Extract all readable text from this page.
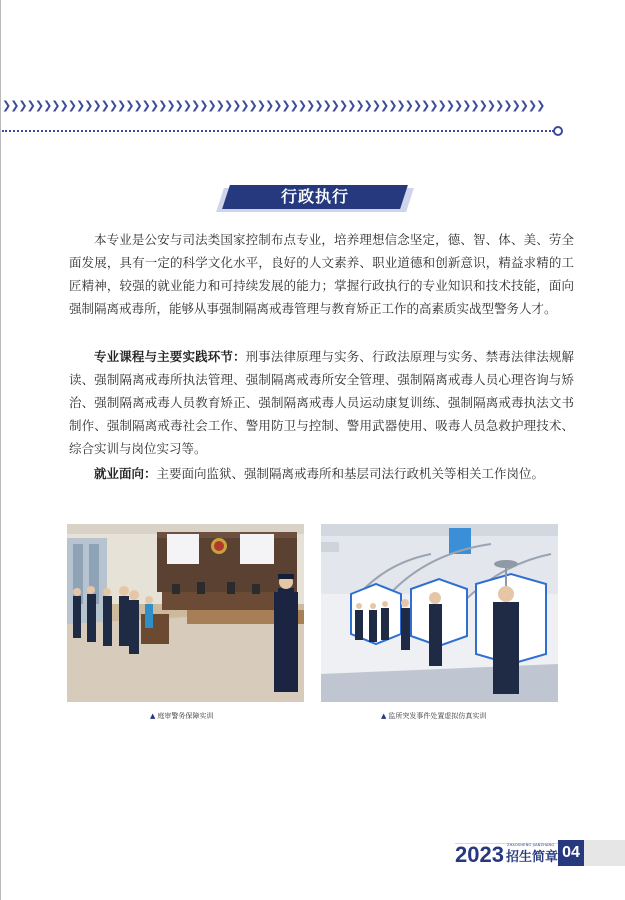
❯❯❯❯❯❯❯❯❯❯❯❯❯❯❯❯❯❯❯❯❯❯❯❯❯❯❯❯❯❯❯❯❯❯❯❯❯❯❯❯❯❯❯❯❯❯❯❯❯❯❯❯❯❯❯❯❯❯❯❯❯❯❯❯❯❯
行政执行
本专业是公安与司法类国家控制布点专业，培养理想信念坚定，德、智、体、美、劳全面发展，具有一定的科学文化水平，良好的人文素养、职业道德和创新意识，精益求精的工匠精神，较强的就业能力和可持续发展的能力；掌握行政执行的专业知识和技术技能，面向强制隔离戒毒所，能够从事强制隔离戒毒管理与教育矫正工作的高素质实战型警务人才。
专业课程与主要实践环节：刑事法律原理与实务、行政法原理与实务、禁毒法律法规解读、强制隔离戒毒所执法管理、强制隔离戒毒所安全管理、强制隔离戒毒人员心理咨询与矫治、强制隔离戒毒人员教育矫正、强制隔离戒毒人员运动康复训练、强制隔离戒毒执法文书制作、强制隔离戒毒社会工作、警用防卫与控制、警用武器使用、吸毒人员急救护理技术、综合实训与岗位实习等。
就业面向：主要面向监狱、强制隔离戒毒所和基层司法行政机关等相关工作岗位。
▲ 庭审警务保障实训	▲ 监所突发事件处置虚拟仿真实训
2023 ZHAOSHENG JIANZHANG
招生简章 04
